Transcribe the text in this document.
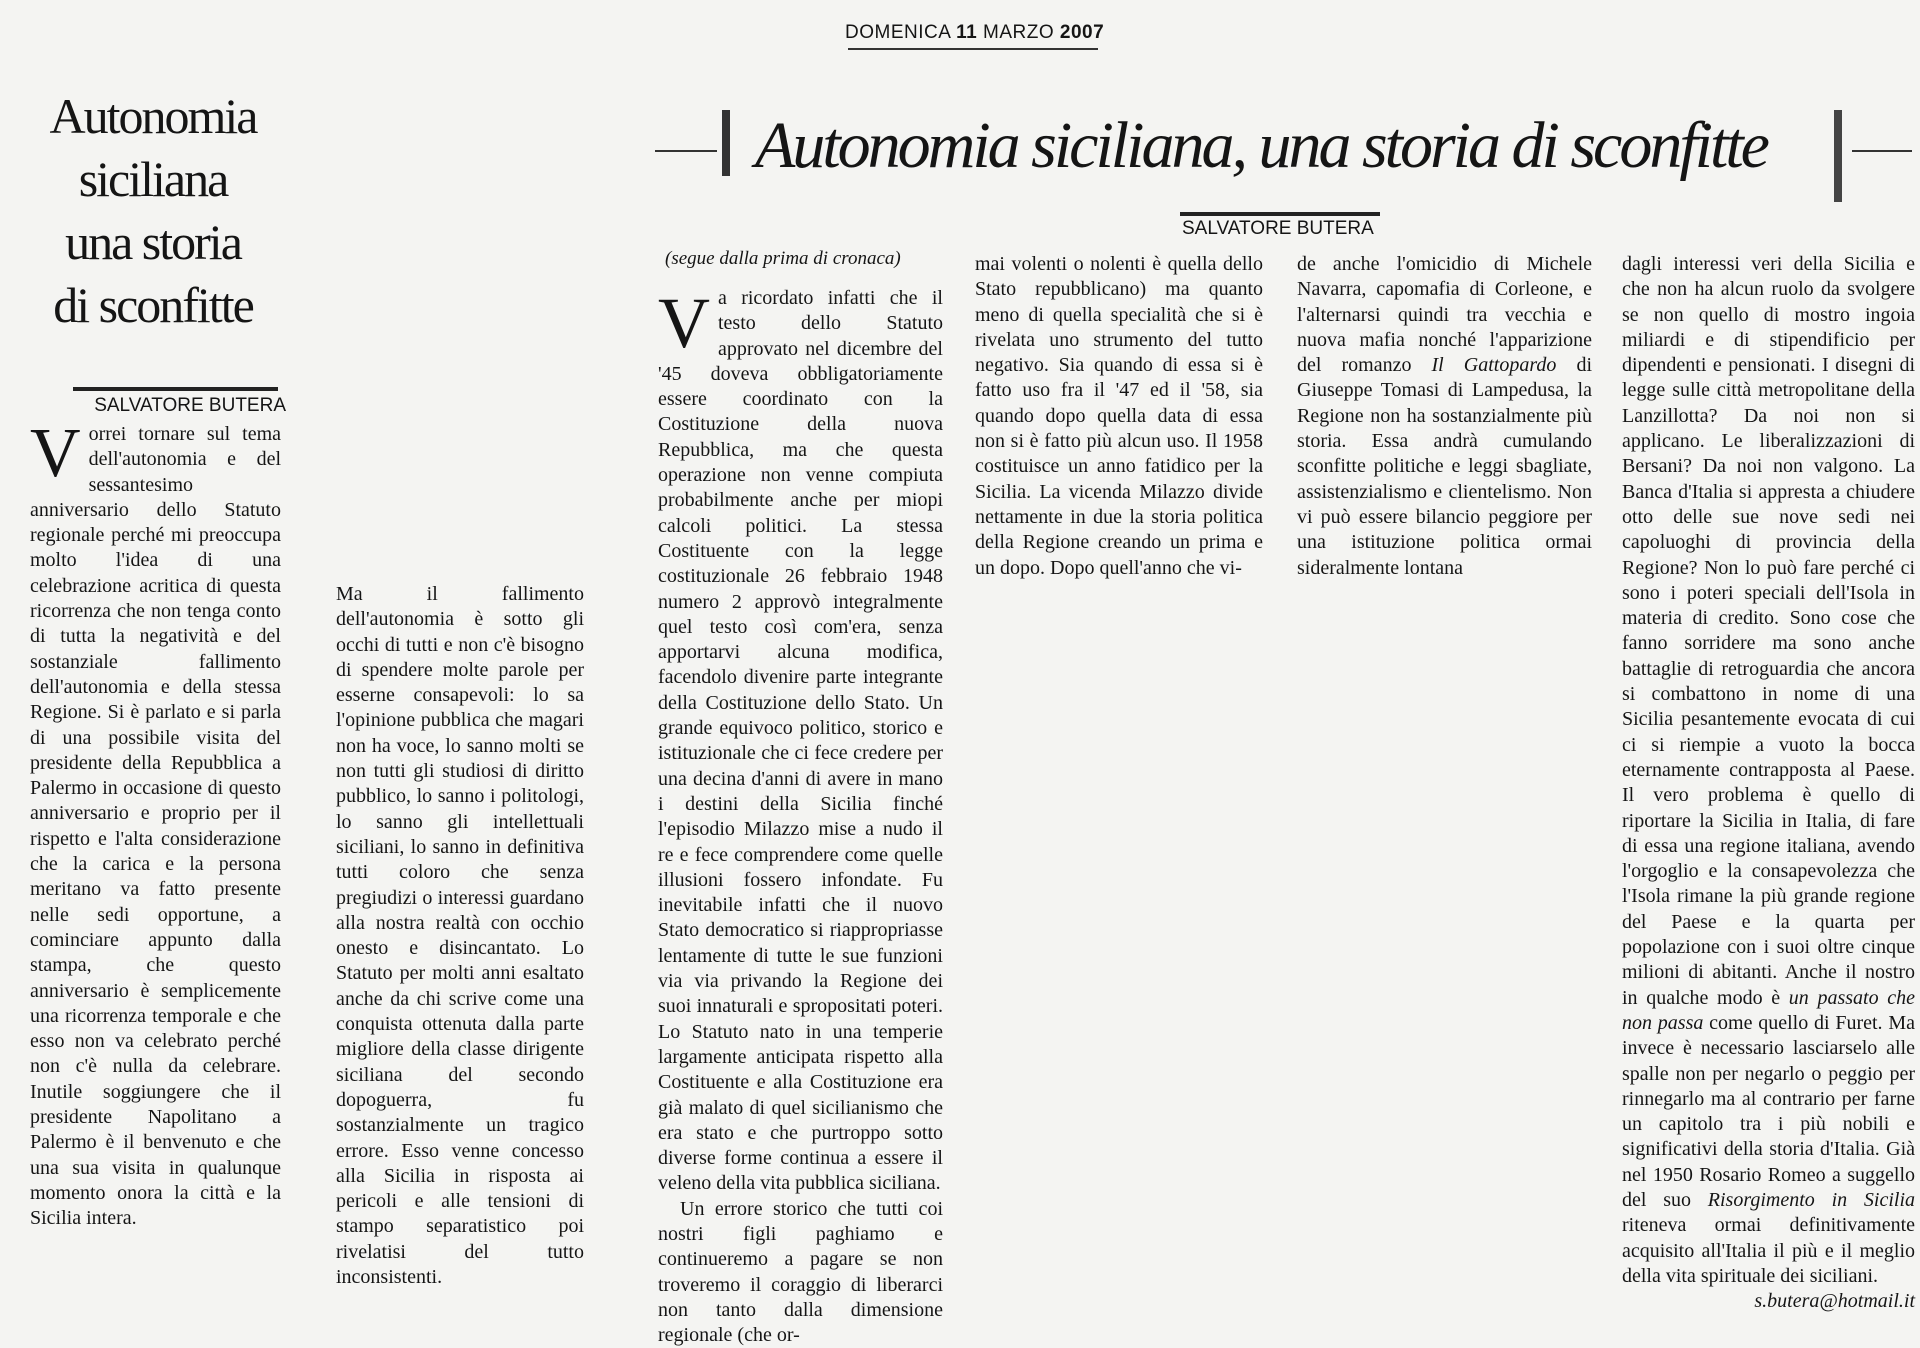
Autonomia
siciliana
una storia
di sconfitte
SALVATORE BUTERA

Vorrei tornare sul tema dell'autonomia e del sessantesimo anniversario dello Statuto regionale perché mi preoccupa molto l'idea di una celebrazione acritica di questa ricorrenza che non tenga conto di tutta la negatività e del sostanziale fallimento dell'autonomia e della stessa Regione. Si è parlato e si parla di una possibile visita del presidente della Repubblica a Palermo in occasione di questo anniversario e proprio per il rispetto e l'alta considerazione che la carica e la persona meritano va fatto presente nelle sedi opportune, a cominciare appunto dalla stampa, che questo anniversario è semplicemente una ricorrenza temporale e che esso non va celebrato perché non c'è nulla da celebrare. Inutile soggiungere che il presidente Napolitano a Palermo è il benvenuto e che una sua visita in qualunque momento onora la città e la Sicilia intera.

Ma il fallimento dell'autonomia è sotto gli occhi di tutti e non c'è bisogno di spendere molte parole per esserne consapevoli: lo sa l'opinione pubblica che magari non ha voce, lo sanno molti se non tutti gli studiosi di diritto pubblico, lo sanno i politologi, lo sanno gli intellettuali siciliani, lo sanno in definitiva tutti coloro che senza pregiudizi o interessi guardano alla nostra realtà con occhio onesto e disincantato. Lo Statuto per molti anni esaltato anche da chi scrive come una conquista ottenuta dalla parte migliore della classe dirigente siciliana del secondo dopoguerra, fu sostanzialmente un tragico errore. Esso venne concesso alla Sicilia in risposta ai pericoli e alle tensioni di stampo separatistico poi rivelatisi del tutto inconsistenti.

DOMENICA 11 MARZO 2007
Autonomia siciliana, una storia di sconfitte
SALVATORE BUTERA
(segue dalla prima di cronaca)

Va ricordato infatti che il testo dello Statuto approvato nel dicembre del '45 doveva obbligatoriamente essere coordinato con la Costituzione della nuova Repubblica, ma che questa operazione non venne compiuta probabilmente anche per miopi calcoli politici. La stessa Costituente con la legge costituzionale 26 febbraio 1948 numero 2 approvò integralmente quel testo così com'era, senza apportarvi alcuna modifica, facendolo divenire parte integrante della Costituzione dello Stato. Un grande equivoco politico, storico e istituzionale che ci fece credere per una decina d'anni di avere in mano i destini della Sicilia finché l'episodio Milazzo mise a nudo il re e fece comprendere come quelle illusioni fossero infondate. Fu inevitabile infatti che il nuovo Stato democratico si riappropriasse lentamente di tutte le sue funzioni via via privando la Regione dei suoi innaturali e spropositati poteri. Lo Statuto nato in una temperie largamente anticipata rispetto alla Costituente e alla Costituzione era già malato di quel sicilianismo che era stato e che purtroppo sotto diverse forme continua a essere il veleno della vita pubblica siciliana.

Un errore storico che tutti coi nostri figli paghiamo e continueremo a pagare se non troveremo il coraggio di liberarci non tanto dalla dimensione regionale (che or-

mai volenti o nolenti è quella dello Stato repubblicano) ma quanto meno di quella specialità che si è rivelata uno strumento del tutto negativo. Sia quando di essa si è fatto uso fra il '47 ed il '58, sia quando dopo quella data di essa non si è fatto più alcun uso. Il 1958 costituisce un anno fatidico per la Sicilia. La vicenda Milazzo divide nettamente in due la storia politica della Regione creando un prima e un dopo. Dopo quell'anno che vi-

de anche l'omicidio di Michele Navarra, capomafia di Corleone, e l'alternarsi quindi tra vecchia e nuova mafia nonché l'apparizione del romanzo Il Gattopardo di Giuseppe Tomasi di Lampedusa, la Regione non ha sostanzialmente più storia. Essa andrà cumulando sconfitte politiche e leggi sbagliate, assistenzialismo e clientelismo. Non vi può essere bilancio peggiore per una istituzione politica ormai sideralmente lontana

dagli interessi veri della Sicilia e che non ha alcun ruolo da svolgere se non quello di mostro ingoia miliardi e di stipendificio per dipendenti e pensionati. I disegni di legge sulle città metropolitane della Lanzillotta? Da noi non si applicano. Le liberalizzazioni di Bersani? Da noi non valgono. La Banca d'Italia si appresta a chiudere otto delle sue nove sedi nei capoluoghi di provincia della Regione? Non lo può fare perché ci sono i poteri speciali dell'Isola in materia di credito. Sono cose che fanno sorridere ma sono anche battaglie di retroguardia che ancora si combattono in nome di una Sicilia pesantemente evocata di cui ci si riempie a vuoto la bocca eternamente contrapposta al Paese. Il vero problema è quello di riportare la Sicilia in Italia, di fare di essa una regione italiana, avendo l'orgoglio e la consapevolezza che l'Isola rimane la più grande regione del Paese e la quarta per popolazione con i suoi oltre cinque milioni di abitanti. Anche il nostro in qualche modo è un passato che non passa come quello di Furet. Ma invece è necessario lasciarselo alle spalle non per negarlo o peggio per rinnegarlo ma al contrario per farne un capitolo tra i più nobili e significativi della storia d'Italia. Già nel 1950 Rosario Romeo a suggello del suo Risorgimento in Sicilia riteneva ormai definitivamente acquisito all'Italia il più e il meglio della vita spirituale dei siciliani.

s.butera@hotmail.it
